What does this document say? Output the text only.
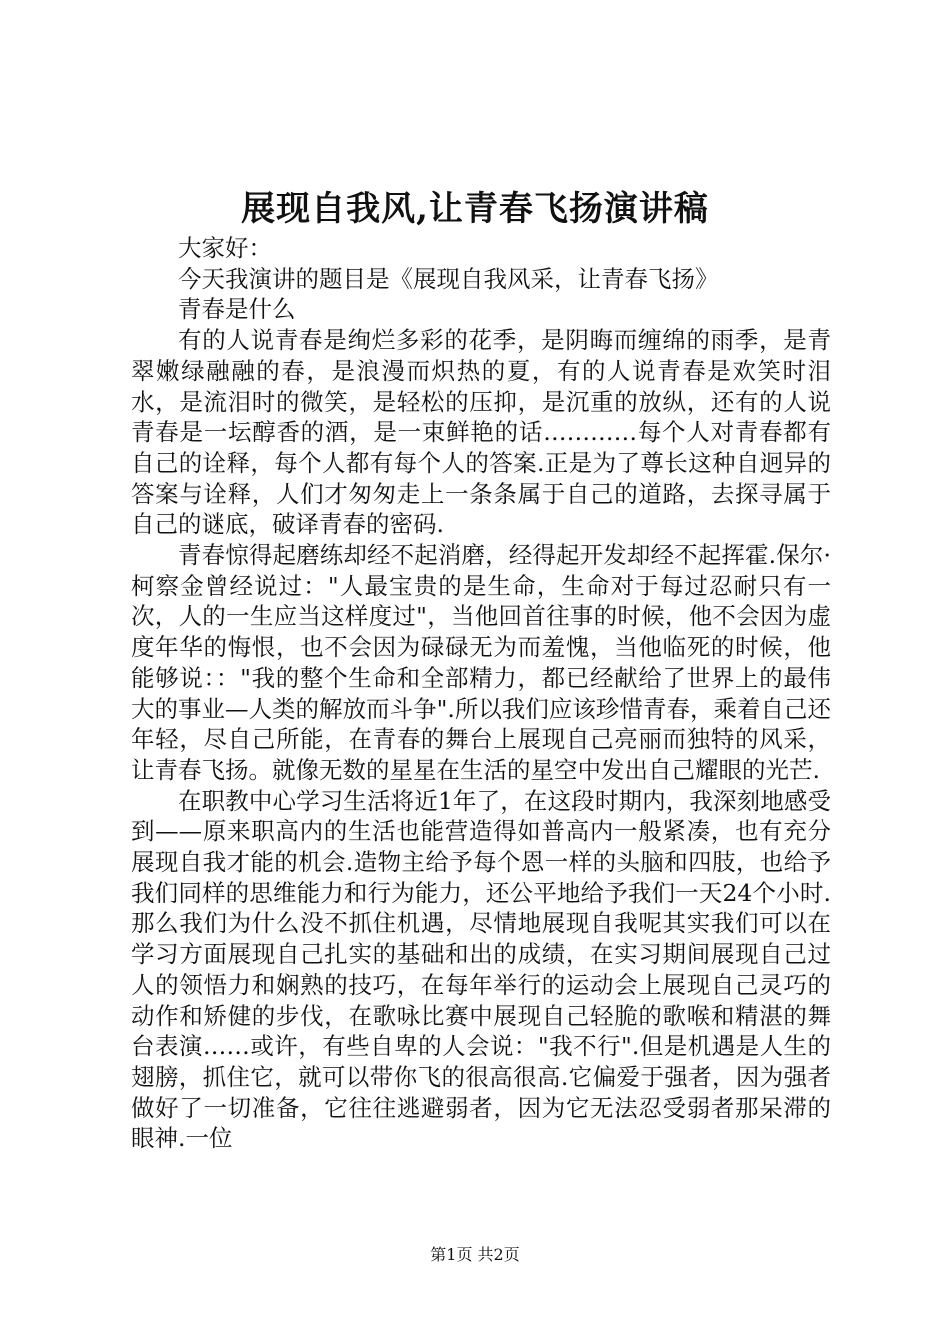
展现自我风,让青春飞扬演讲稿

大家好：

今天我演讲的题目是《展现自我风采，让青春飞扬》

青春是什么

有的人说青春是绚烂多彩的花季，是阴晦而缠绵的雨季，是青翠嫩绿融融的春，是浪漫而炽热的夏，有的人说青春是欢笑时泪水，是流泪时的微笑，是轻松的压抑，是沉重的放纵，还有的人说青春是一坛醇香的酒，是一束鲜艳的话…………每个人对青春都有自己的诠释，每个人都有每个人的答案.正是为了尊长这种自迥异的答案与诠释，人们才匆匆走上一条条属于自己的道路，去探寻属于自己的谜底，破译青春的密码.

青春惊得起磨练却经不起消磨，经得起开发却经不起挥霍.保尔·柯察金曾经说过："人最宝贵的是生命，生命对于每过忍耐只有一次，人的一生应当这样度过"，当他回首往事的时候，他不会因为虚度年华的悔恨，也不会因为碌碌无为而羞愧，当他临死的时候，他能够说：："我的整个生命和全部精力，都已经献给了世界上的最伟大的事业—人类的解放而斗争".所以我们应该珍惜青春，乘着自己还年轻，尽自己所能，在青春的舞台上展现自己亮丽而独特的风采，让青春飞扬。就像无数的星星在生活的星空中发出自己耀眼的光芒.

在职教中心学习生活将近1年了，在这段时期内，我深刻地感受到——原来职高内的生活也能营造得如普高内一般紧凑，也有充分展现自我才能的机会.造物主给予每个恩一样的头脑和四肢，也给予我们同样的思维能力和行为能力，还公平地给予我们一天24个小时.那么我们为什么没不抓住机遇，尽情地展现自我呢其实我们可以在学习方面展现自己扎实的基础和出的成绩，在实习期间展现自己过人的领悟力和娴熟的技巧，在每年举行的运动会上展现自己灵巧的动作和矫健的步伐，在歌咏比赛中展现自己轻脆的歌喉和精湛的舞台表演……或许，有些自卑的人会说："我不行".但是机遇是人生的翅膀，抓住它，就可以带你飞的很高很高.它偏爱于强者，因为强者做好了一切准备，它往往逃避弱者，因为它无法忍受弱者那呆滞的眼神.一位

第1页 共2页
